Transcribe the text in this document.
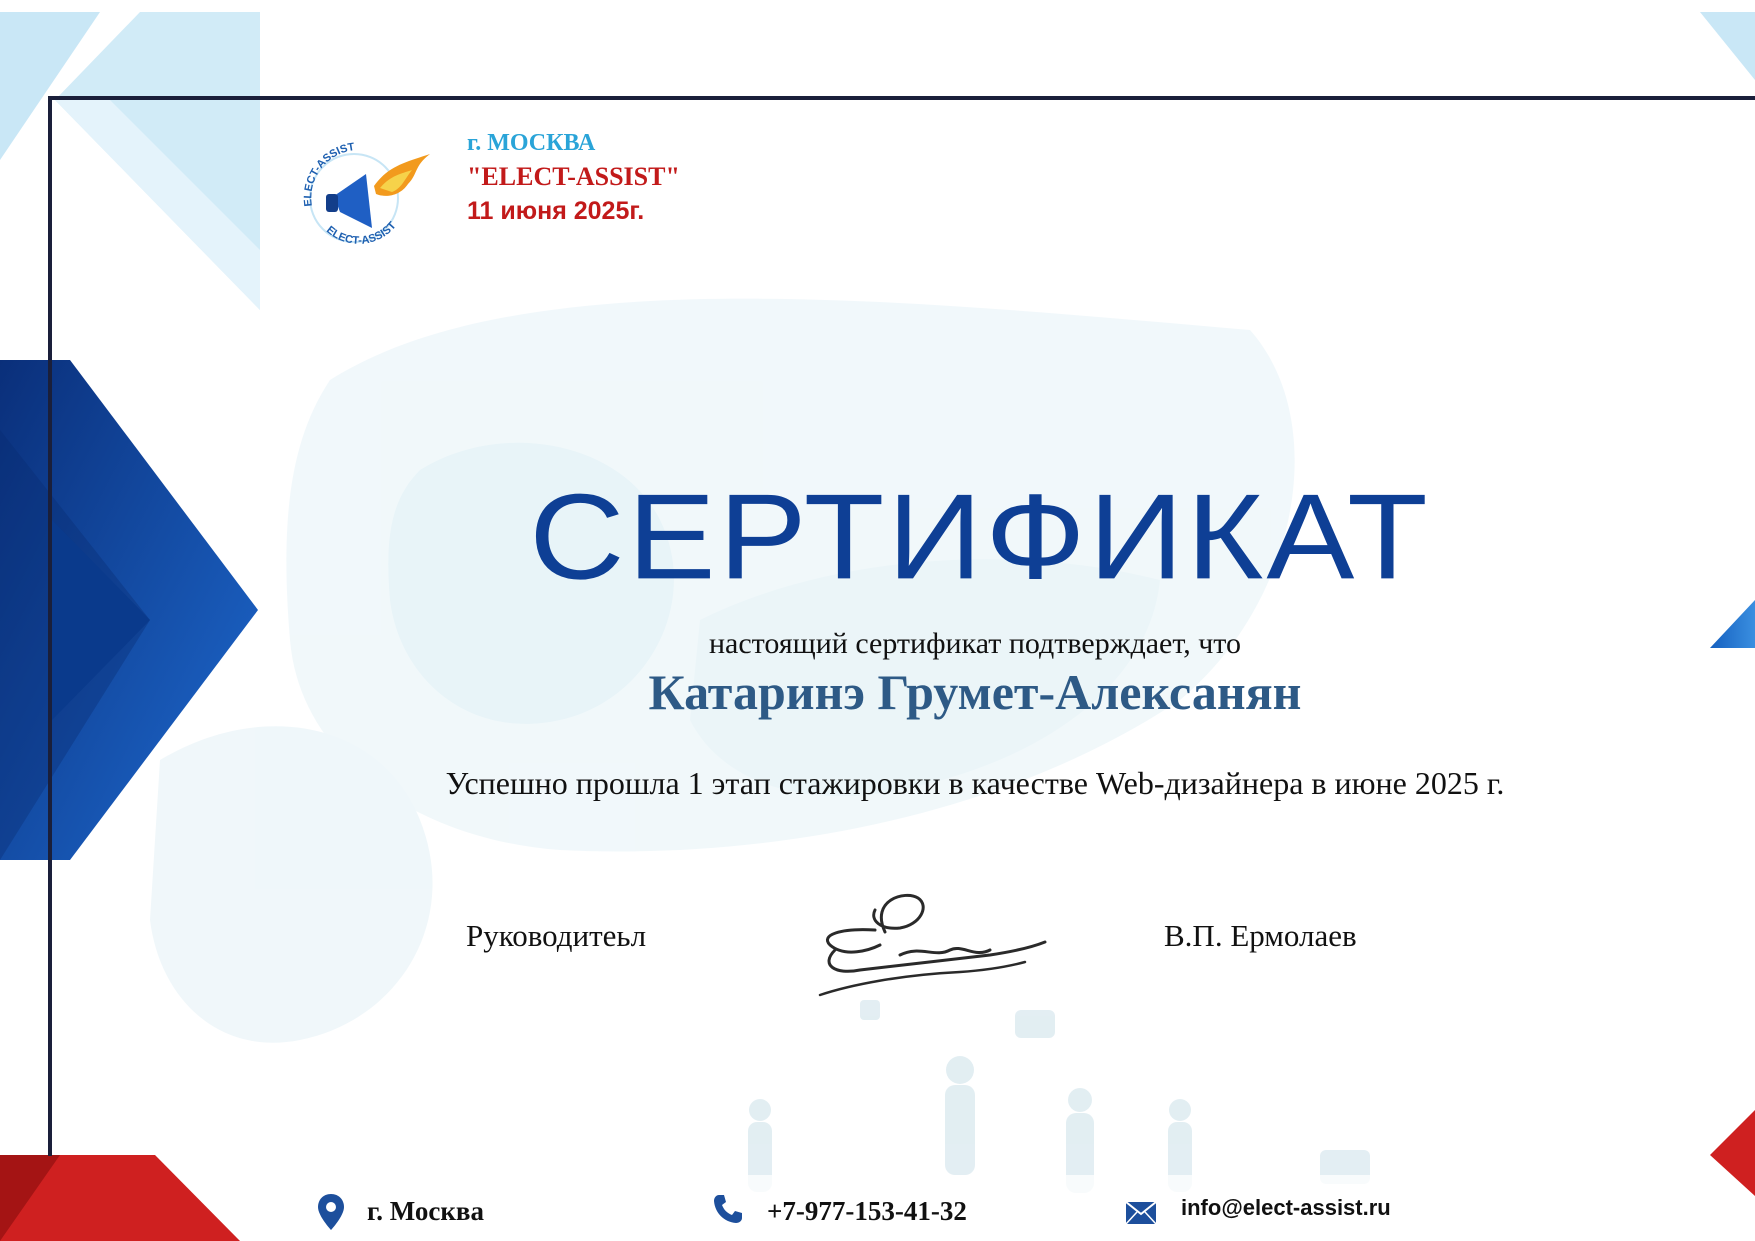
ELECT-ASSIST
ELECT-ASSIST
г. МОСКВА
"ELECT-ASSIST"
11 июня 2025г.
СЕРТИФИКАТ
настоящий сертификат подтверждает, что
Катаринэ Грумет-Алексанян
Успешно прошла 1 этап стажировки в качестве Web-дизайнера в июне 2025 г.
Руководитеьл	В.П. Ермолаев
г. Москва	+7-977-153-41-32	info@elect-assist.ru
